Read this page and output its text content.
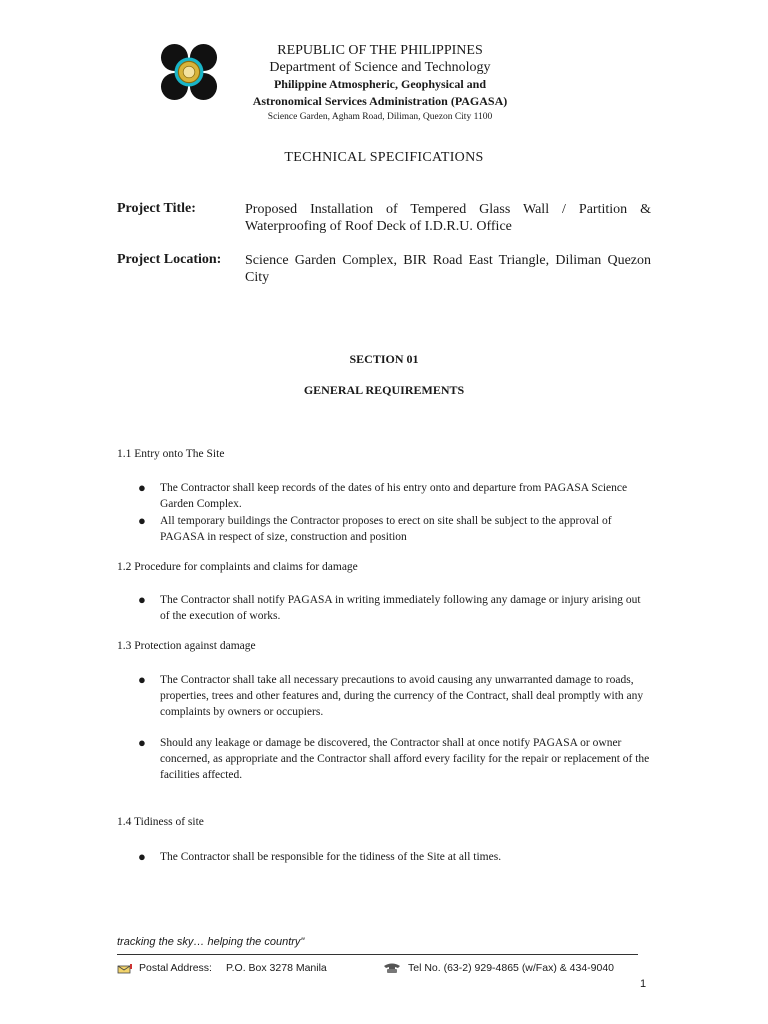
REPUBLIC OF THE PHILIPPINES
Department of Science and Technology
Philippine Atmospheric, Geophysical and
Astronomical Services Administration (PAGASA)
Science Garden, Agham Road, Diliman, Quezon City 1100
TECHNICAL SPECIFICATIONS
Project Title:	Proposed Installation of Tempered Glass Wall / Partition & Waterproofing of Roof Deck of I.D.R.U. Office
Project Location: Science Garden Complex, BIR Road East Triangle, Diliman Quezon City
SECTION 01
GENERAL REQUIREMENTS
1.1 Entry onto The Site
● The Contractor shall keep records of the dates of his entry onto and departure from PAGASA Science Garden Complex.
● All temporary buildings the Contractor proposes to erect on site shall be subject to the approval of PAGASA in respect of size, construction and position
1.2 Procedure for complaints and claims for damage
● The Contractor shall notify PAGASA in writing immediately following any damage or injury arising out of the execution of works.
1.3 Protection against damage
● The Contractor shall take all necessary precautions to avoid causing any unwarranted damage to roads, properties, trees and other features and, during the currency of the Contract, shall deal promptly with any complaints by owners or occupiers.
● Should any leakage or damage be discovered, the Contractor shall at once notify PAGASA or owner concerned, as appropriate and the Contractor shall afford every facility for the repair or replacement of the facilities affected.
1.4 Tidiness of site
● The Contractor shall be responsible for the tidiness of the Site at all times.
tracking the sky… helping the country"
Postal Address: P.O. Box 3278 Manila	Tel No. (63-2) 929-4865 (w/Fax) & 434-9040
1
